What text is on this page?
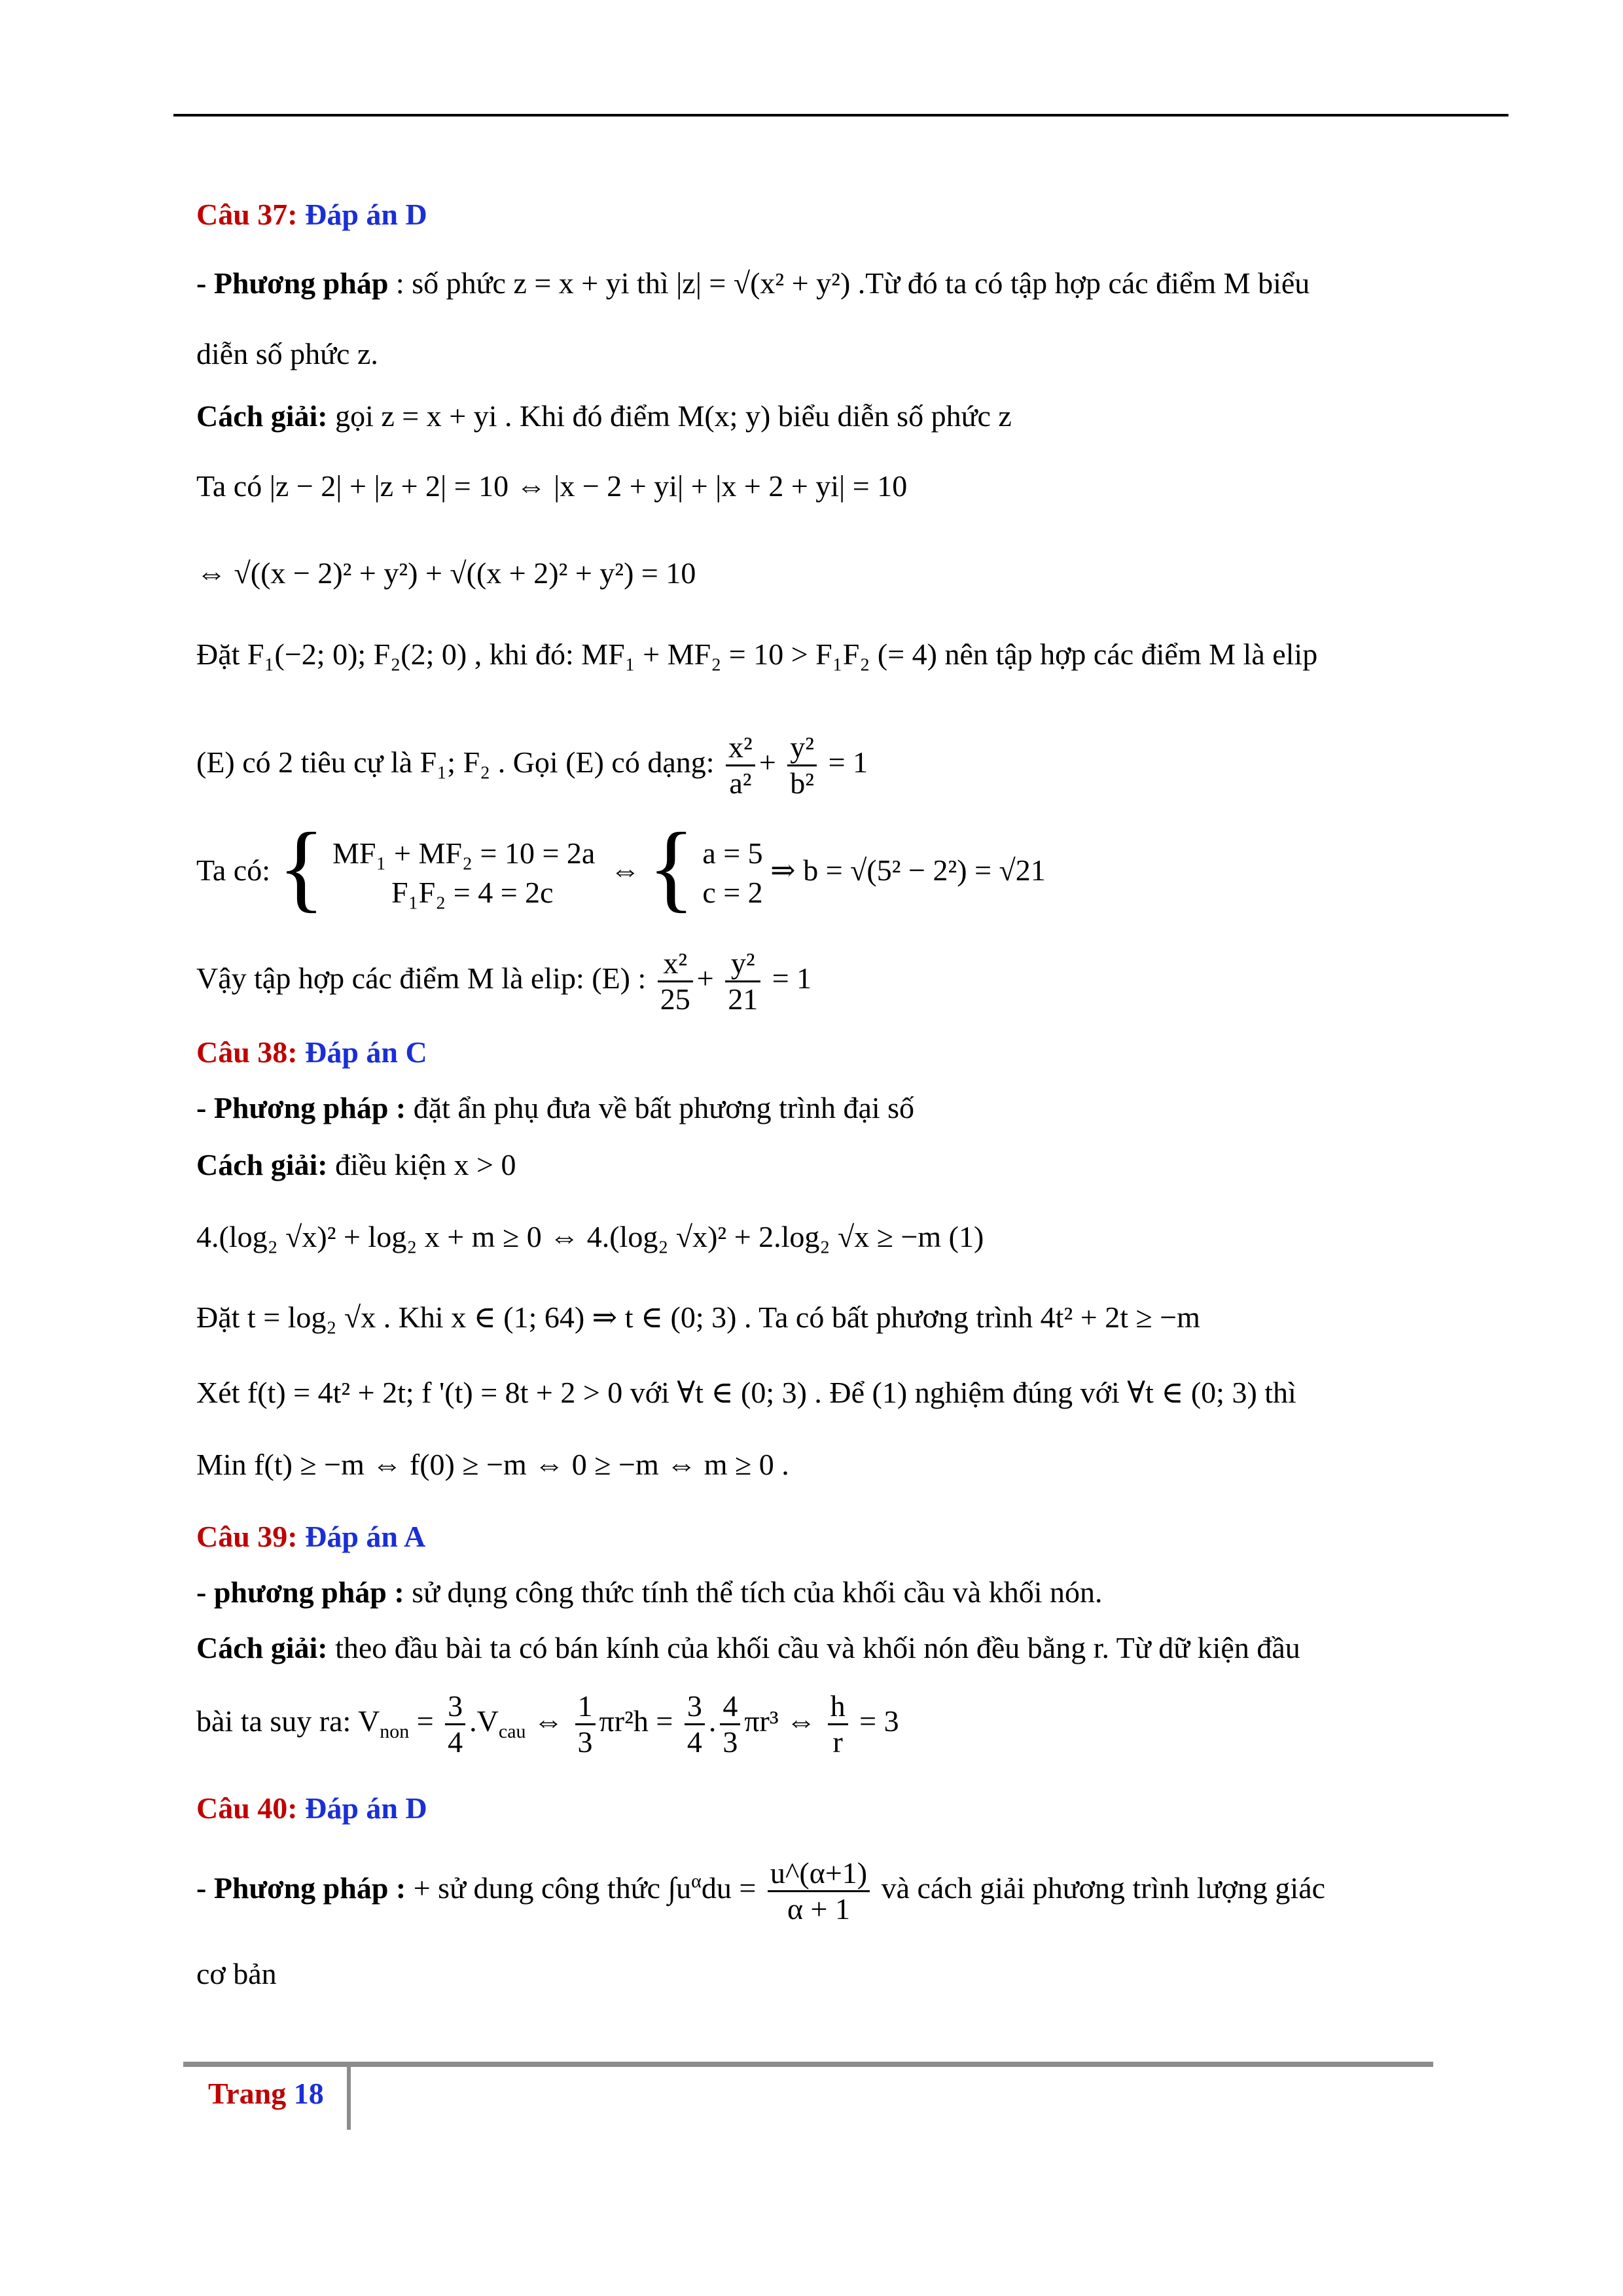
Câu 37: Đáp án D
- Phương pháp : số phức z = x + yi thì |z| = √(x² + y²) .Từ đó ta có tập hợp các điểm M biểu
diễn số phức z.
Cách giải: gọi z = x + yi . Khi đó điểm M(x; y) biểu diễn số phức z
Ta có |z − 2| + |z + 2| = 10 ⇔ |x − 2 + yi| + |x + 2 + yi| = 10
⇔ √((x − 2)² + y²) + √((x + 2)² + y²) = 10
Đặt F₁(−2; 0); F₂(2; 0) , khi đó: MF₁ + MF₂ = 10 > F₁F₂ (= 4) nên tập hợp các điểm M là elip
(E) có 2 tiêu cự là F₁; F₂ . Gọi (E) có dạng: $\frac{\text{x²}}{\text{a²}} + \frac{\text{y²}}{\text{b²}} = 1$
Ta có: { MF₁ + MF₂ = 10 = 2a
F₁F₂ = 4 = 2c
⇔ { a = 5
c = 2
⇒ b = √(5² − 2²) = √21
Vậy tập hợp các điểm M là elip: (E) : $\frac{\text{x²}}{25} + \frac{\text{y²}}{21} = 1$
Câu 38: Đáp án C
- Phương pháp : đặt ẩn phụ đưa về bất phương trình đại số
Cách giải: điều kiện x > 0
4.(log₂ √x)² + log₂ x + m ≥ 0 ⇔ 4.(log₂ √x)² + 2.log₂ √x ≥ −m (1)
Đặt t = log₂ √x . Khi x ∈ (1; 64) ⇒ t ∈ (0; 3) . Ta có bất phương trình 4t² + 2t ≥ −m
Xét f(t) = 4t² + 2t; f '(t) = 8t + 2 > 0 với ∀t ∈ (0; 3) . Để (1) nghiệm đúng với ∀t ∈ (0; 3) thì
Min f(t) ≥ −m ⇔ f(0) ≥ −m ⇔ 0 ≥ −m ⇔ m ≥ 0 .
Câu 39: Đáp án A
- phương pháp : sử dụng công thức tính thể tích của khối cầu và khối nón.
Cách giải: theo đầu bài ta có bán kính của khối cầu và khối nón đều bằng r. Từ dữ kiện đầu
bài ta suy ra: $V_{non} = \frac{3}{4} .V_{cau}$ ⇔ $\frac{1}{3} \pi r^2h = \frac{3}{4}$ . $\frac{4}{3} \pi r^3$ ⇔ $\frac{h}{r} = 3$
Câu 40: Đáp án D
- Phương pháp : + sử dung công thức $\int u^\alpha du = \frac{u\^{}(\alpha+1)}{\alpha + 1}$ và cách giải phương trình lượng giác
cơ bản
Trang 18
